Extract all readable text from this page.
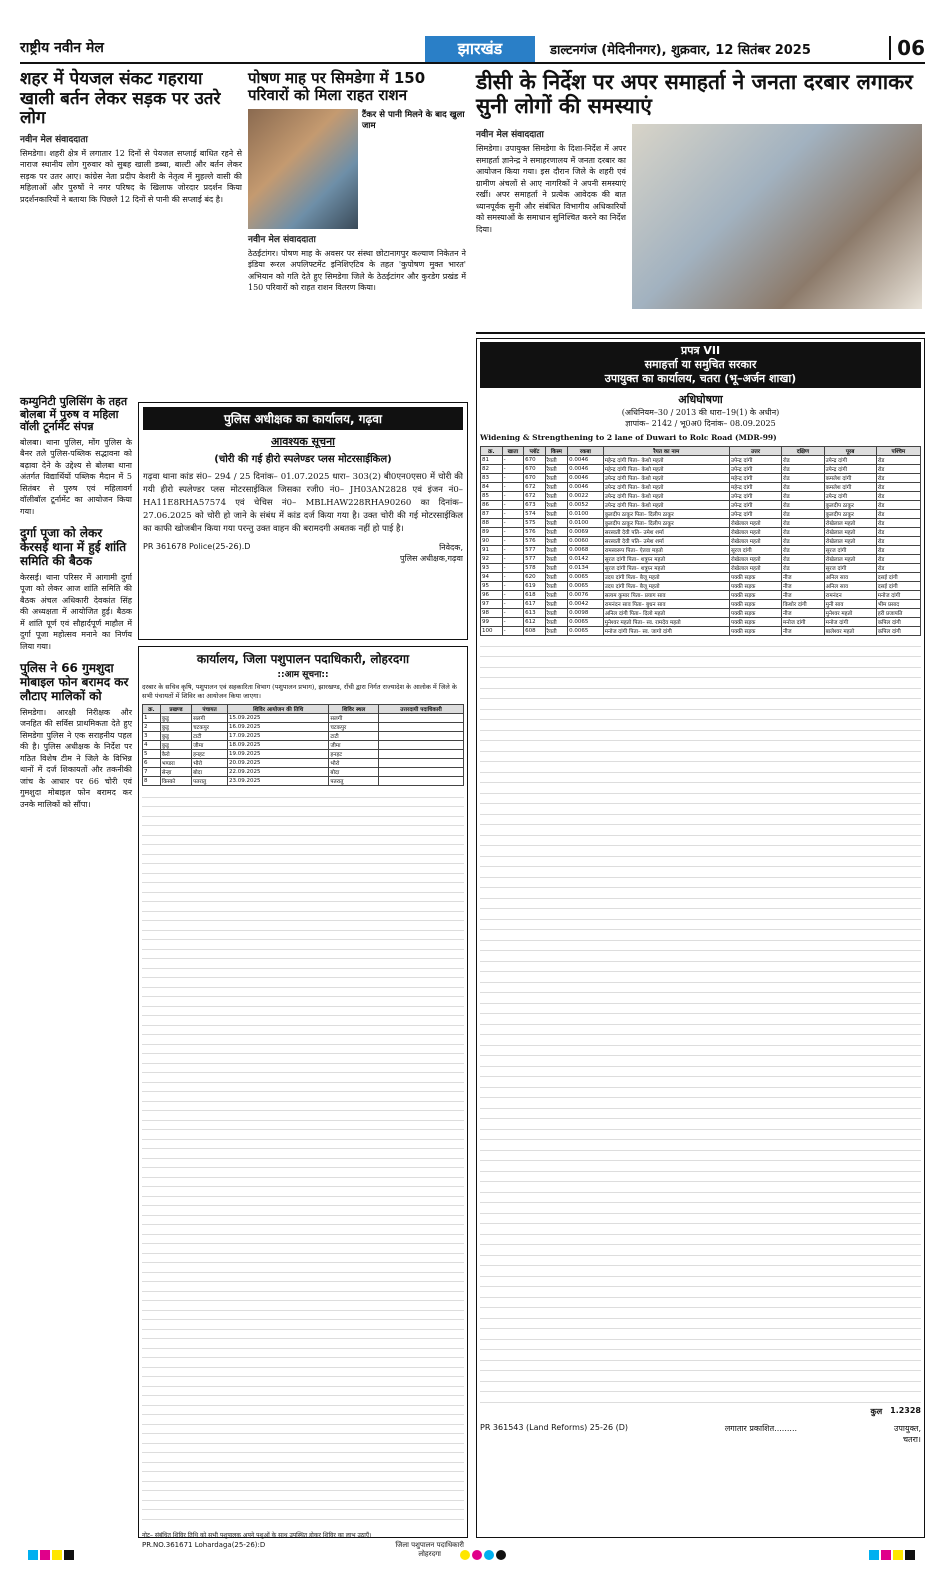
राष्ट्रीय नवीन मेल	झारखंड	डाल्टनगंज (मेदिनीनगर), शुक्रवार, 12 सितंबर 2025	06
शहर में पेयजल संकट गहराया खाली बर्तन लेकर सड़क पर उतरे लोग
नवीन मेल संवाददाता

सिमडेगा। शहरी क्षेत्र में लगातार 12 दिनों से पेयजल सप्लाई बाधित रहने से नाराज स्थानीय लोग गुरुवार को सुबह खाली डब्बा, बाल्टी और बर्तन लेकर सड़क पर उतर आए। कांग्रेस नेता प्रदीप केशरी के नेतृत्व में मुहल्ले वासी की महिलाओं और पुरुषों ने नगर परिषद के खिलाफ जोरदार प्रदर्शन किया प्रदर्शनकारियों ने बताया कि पिछले 12 दिनों से पानी की सप्लाई बंद है।

पोषण माह पर सिमडेगा में 150 परिवारों को मिला राहत राशन
टैंकर से पानी मिलने के बाद खुला जाम
नवीन मेल संवाददाता

ठेठईटांगर। पोषण माह के अवसर पर संस्था छोटानागपुर कल्याण निकेतन ने इंडिया रूरल अपलिफ्टमेंट इनिशिएटिव के तहत 'कुपोषण मुक्त भारत' अभियान को गति देते हुए सिमडेगा जिले के ठेठईटांगर और कुरडेग प्रखंड में 150 परिवारों को राहत राशन वितरण किया।

डीसी के निर्देश पर अपर समाहर्ता ने जनता दरबार लगाकर सुनी लोगों की समस्याएं
नवीन मेल संवाददाता

सिमडेगा। उपायुक्त सिमडेगा के दिशा-निर्देश में अपर समाहर्ता ज्ञानेन्द्र ने समाहरणालय में जनता दरबार का आयोजन किया गया। इस दौरान जिले के शहरी एवं ग्रामीण अंचलों से आए नागरिकों ने अपनी समस्याएं रखीं। अपर समाहर्ता ने प्रत्येक आवेदक की बात ध्यानपूर्वक सुनी और संबंधित विभागीय अधिकारियों को समस्याओं के समाधान सुनिश्चित करने का निर्देश दिया।

कम्युनिटी पुलिसिंग के तहत बोलबा में पुरुष व महिला वॉली टूर्नामेंट संपन्न

बोलबा। थाना पुलिस, मोंग पुलिस के बैनर तले पुलिस-पब्लिक सद्भावना को बढ़ावा देने के उद्देश्य से बोलबा थाना अंतर्गत विद्यार्थियों पब्लिक मैदान में 5 सितंबर से पुरुष एवं महिलावर्ग वॉलीबॉल टूर्नामेंट का आयोजन किया गया।

दुर्गा पूजा को लेकर केरसई थाना में हुई शांति समिति की बैठक

केरसई। थाना परिसर में आगामी दुर्गा पूजा को लेकर आज शांति समिति की बैठक अंचल अधिकारी देवकांत सिंह की अध्यक्षता में आयोजित हुई। बैठक में शांति पूर्ण एवं सौहार्दपूर्ण माहौल में दुर्गा पूजा महोत्सव मनाने का निर्णय लिया गया।

पुलिस ने 66 गुमशुदा मोबाइल फोन बरामद कर लौटाए मालिकों को

सिमडेगा। आरक्षी निरीक्षक और जनहित की सर्विस प्राथमिकता देते हुए सिमडेगा पुलिस ने एक सराहनीय पहल की है। पुलिस अधीक्षक के निर्देश पर गठित विशेष टीम ने जिले के विभिन्न थानों में दर्ज शिकायतों और तकनीकी जांच के आधार पर 66 चोरी एवं गुमशुदा मोबाइल फोन बरामद कर उनके मालिकों को सौंपा।

पुलिस अधीक्षक का कार्यालय, गढ़वा
आवश्यक सूचना
(चोरी की गई हीरो स्पलेण्डर प्लस मोटरसाईकिल)

गढ़वा थाना कांड सं0– 294 / 25 दिनांक– 01.07.2025 धारा– 303(2) बी0एन0एस0 में चोरी की गयी हीरो स्पलेण्डर प्लस मोटरसाईकिल जिसका रजी0 नं0– JH03AN2828 एवं इंजन नं0– HA11E8RHA57574 एवं चेचिस नं0– MBLHAW228RHA90260 का दिनांक– 27.06.2025 को चोरी हो जाने के संबंध में कांड दर्ज किया गया है। उक्त चोरी की गई मोटरसाईकिल का काफी खोजबीन किया गया परन्तु उक्त वाहन की बरामदगी अबतक नहीं हो पाई है।

PR 361678 Police(25-26).D	निवेदक,
पुलिस अधीक्षक,गढ़वा
कार्यालय, जिला पशुपालन पदाधिकारी, लोहरदगा
::आम सूचना::

दरबार के सचिव कृषि, पशुपालन एवं सहकारिता विभाग (पशुपालन प्रभाग), झारखण्ड, राँची द्वारा निर्गत राज्यादेश के आलोक में जिले के सभी पंचायतों में शिविर का आयोजन किया जाएगा।

क्र.	प्रखण्ड	पंचायत	शिविर आयोजन की तिथि	शिविर स्थल	उत्तरदायी पदाधिकारी
1	कुडू	सलगी	15.09.2025	सलगी	
2	कुडू	चटकपुर	16.09.2025	चटकपुर	
3	कुडू	टाटी	17.09.2025	टाटी	
4	कुडू	जीमा	18.09.2025	जीमा	
5	कैरो	हनहट	19.09.2025	हनहट	
6	भण्डरा	भौरो	20.09.2025	भौरो	
7	सेन्हा	बोदा	22.09.2025	बोदा	
8	किस्को	पतरातु	23.09.2025	पतरातु	

नोट– संबंधित शिविर तिथि को सभी पशुपालक अपने पशुओं के साथ उपस्थित होकर शिविर का लाभ उठाएँ।

PR.NO.361671 Lohardaga(25-26):D	जिला पशुपालन पदाधिकारी
लोहरदगा
प्रपत्र VII
समाहर्त्ता या समुचित सरकार
उपायुक्त का कार्यालय, चतरा (भू–अर्जन शाखा)
अधिघोषणा
(अधिनियम–30 / 2013 की धारा–19(1) के अधीन)
ज्ञापांक– 2142 / भू0अ0 दिनांक– 08.09.2025
Widening & Strengthening to 2 lane of Duwari to Rolc Road (MDR-99)
क्र.	खाता	प्लॉट	किस्म	रकबा	रैयत का नाम	उत्तर	दक्षिण	पूरब	पश्चिम
81	-	670	रैयती	0.0046	महेन्द्र दांगी पिता– केशो महतो	उपेन्द्र दांगी	रोड	उपेन्द्र दांगी	रोड
82	-	670	रैयती	0.0046	महेन्द्र दांगी पिता– केशो महतो	उपेन्द्र दांगी	रोड	उपेन्द्र दांगी	रोड
83	-	670	रैयती	0.0046	उपेन्द्र दांगी पिता– केशो महतो	महेन्द्र दांगी	रोड	कमलेश दांगी	रोड
84	-	672	रैयती	0.0046	उपेन्द्र दांगी पिता– केशो महतो	महेन्द्र दांगी	रोड	कमलेश दांगी	रोड
85	-	672	रैयती	0.0022	उपेन्द्र दांगी पिता– केशो महतो	उपेन्द्र दांगी	रोड	उपेन्द्र दांगी	रोड
86	-	673	रैयती	0.0052	उपेन्द्र दांगी पिता– केशो महतो	उपेन्द्र दांगी	रोड	कुलदीप ठाकुर	रोड
87	-	574	रैयती	0.0100	कुलदीप ठाकुर पिता– दिलीप ठाकुर	उपेन्द्र दांगी	रोड	कुलदीप ठाकुर	रोड
88	-	575	रैयती	0.0100	कुलदीप ठाकुर पिता– दिलीप ठाकुर	रोखेलाल महतो	रोड	रोखेलाल महतो	रोड
89	-	576	रैयती	0.0069	सरस्वती देवी पति– उमेश शर्मा	रोखेलाल महतो	रोड	रोखेलाल महतो	रोड
90	-	576	रैयती	0.0060	सरस्वती देवी पति– उमेश शर्मा	रोखेलाल महतो	रोड	रोखेलाल महतो	रोड
91	-	577	रैयती	0.0068	रामस्वरूप पिता– ऐतवा महतो	सूरज दांगी	रोड	सूरज दांगी	रोड
92	-	577	रैयती	0.0142	सूरज दांगी पिता– शत्रुघ्न महतो	रोखेलाल महतो	रोड	रोखेलाल महतो	रोड
93	-	578	रैयती	0.0134	सूरज दांगी पिता– शत्रुघ्न महतो	रोखेलाल महतो	रोड	सूरज दांगी	रोड
94	-	620	रैयती	0.0065	उदय दांगी पिता– बैजू महतो	पक्की सड़क	नीज	अनिल साव	दसई दांगी
95	-	619	रैयती	0.0065	उदय दांगी पिता– बैजू महतो	पक्की सड़क	नीज	अनिल साव	दसई दांगी
96	-	618	रैयती	0.0076	सत्यम कुमार पिता– प्रयाग साव	पक्की सड़क	नीज	रामनंदन	मनोज दांगी
97	-	617	रैयती	0.0042	रामनंदन साव पिता– बुधन साव	पक्की सड़क	किशोर दांगी	मुनी साव	भीम प्रसाद
98	-	613	रैयती	0.0098	अनिल दांगी पिता– दिलो महतो	पक्की सड़क	नीज	मुनेश्वर महतो	हरी प्रजापति
99	-	612	रैयती	0.0065	मुनेश्वर महतो पिता– स्व. रामदेव महतो	पक्की सड़क	मनोज दांगी	मनोज दांगी	कपिल दांगी
100	-	608	रैयती	0.0065	मनोज दांगी पिता– स्व. जागो दांगी	पक्की सड़क	नीज	बालेश्वर महतो	कपिल दांगी
कुल 1.2328
PR 361543 (Land Reforms) 25-26 (D)	लगातार प्रकाशित.........	उपायुक्त,
चतरा।
